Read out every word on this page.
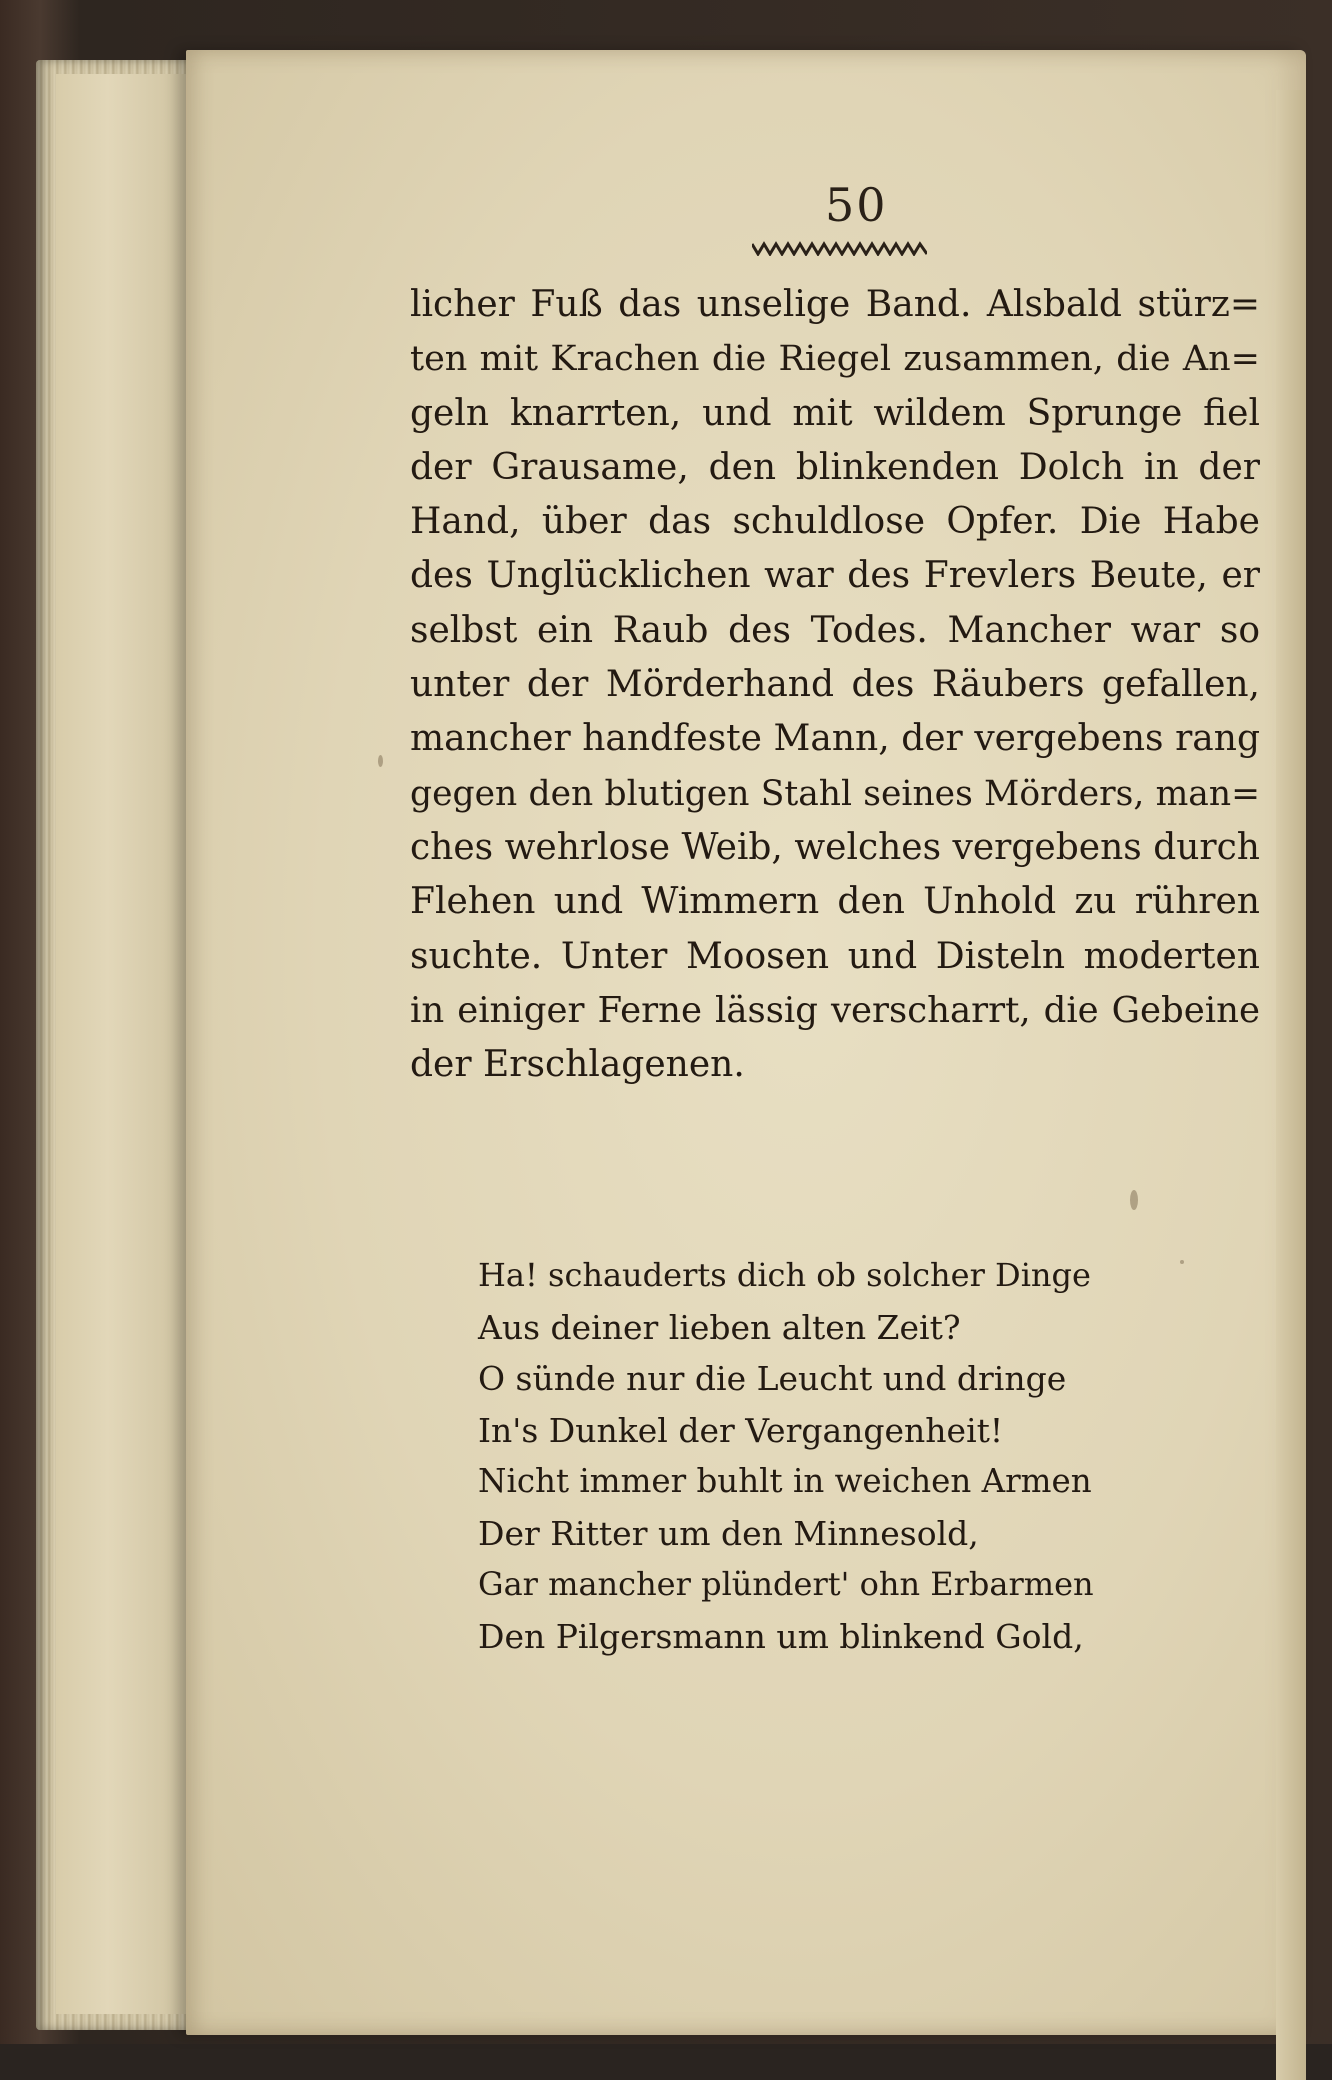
50
licher Fuß das unselige Band. Alsbald stürz=
ten mit Krachen die Riegel zusammen, die An=
geln knarrten, und mit wildem Sprunge fiel
der Grausame, den blinkenden Dolch in der
Hand, über das schuldlose Opfer. Die Habe
des Unglücklichen war des Frevlers Beute, er
selbst ein Raub des Todes. Mancher war so
unter der Mörderhand des Räubers gefallen,
mancher handfeste Mann, der vergebens rang
gegen den blutigen Stahl seines Mörders, man=
ches wehrlose Weib, welches vergebens durch
Flehen und Wimmern den Unhold zu rühren
suchte. Unter Moosen und Disteln moderten
in einiger Ferne lässig verscharrt, die Gebeine
der Erschlagenen.
Ha! schauderts dich ob solcher Dinge
Aus deiner lieben alten Zeit?
O sünde nur die Leucht und dringe
In's Dunkel der Vergangenheit!
Nicht immer buhlt in weichen Armen
Der Ritter um den Minnesold,
Gar mancher plündert' ohn Erbarmen
Den Pilgersmann um blinkend Gold,
